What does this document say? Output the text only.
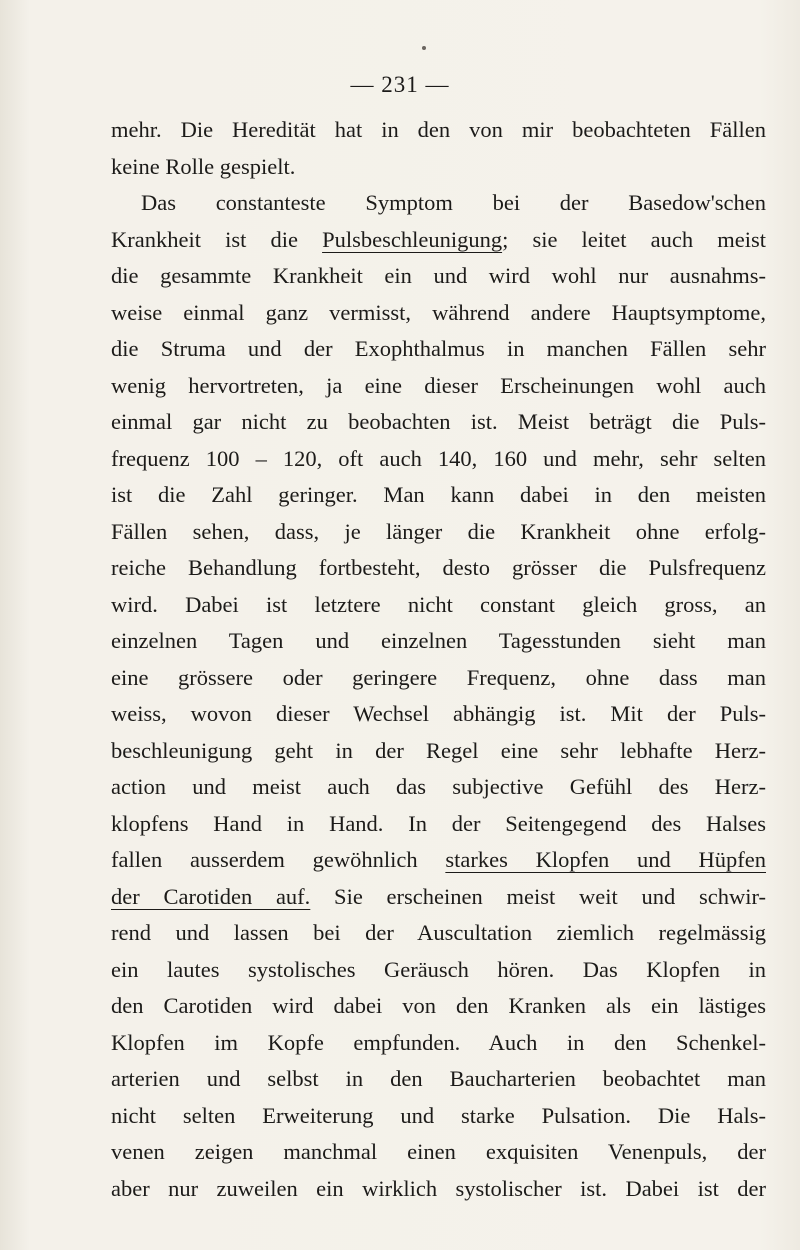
— 231 —
mehr. Die Heredität hat in den von mir beobachteten Fällen
keine Rolle gespielt.
Das constanteste Symptom bei der Basedow'schen
Krankheit ist die Pulsbeschleunigung; sie leitet auch meist
die gesammte Krankheit ein und wird wohl nur ausnahms-
weise einmal ganz vermisst, während andere Hauptsymptome,
die Struma und der Exophthalmus in manchen Fällen sehr
wenig hervortreten, ja eine dieser Erscheinungen wohl auch
einmal gar nicht zu beobachten ist. Meist beträgt die Puls-
frequenz 100 – 120, oft auch 140, 160 und mehr, sehr selten
ist die Zahl geringer. Man kann dabei in den meisten
Fällen sehen, dass, je länger die Krankheit ohne erfolg-
reiche Behandlung fortbesteht, desto grösser die Pulsfrequenz
wird. Dabei ist letztere nicht constant gleich gross, an
einzelnen Tagen und einzelnen Tagesstunden sieht man
eine grössere oder geringere Frequenz, ohne dass man
weiss, wovon dieser Wechsel abhängig ist. Mit der Puls-
beschleunigung geht in der Regel eine sehr lebhafte Herz-
action und meist auch das subjective Gefühl des Herz-
klopfens Hand in Hand. In der Seitengegend des Halses
fallen ausserdem gewöhnlich starkes Klopfen und Hüpfen
der Carotiden auf. Sie erscheinen meist weit und schwir-
rend und lassen bei der Auscultation ziemlich regelmässig
ein lautes systolisches Geräusch hören. Das Klopfen in
den Carotiden wird dabei von den Kranken als ein lästiges
Klopfen im Kopfe empfunden. Auch in den Schenkel-
arterien und selbst in den Baucharterien beobachtet man
nicht selten Erweiterung und starke Pulsation. Die Hals-
venen zeigen manchmal einen exquisiten Venenpuls, der
aber nur zuweilen ein wirklich systolischer ist. Dabei ist der
